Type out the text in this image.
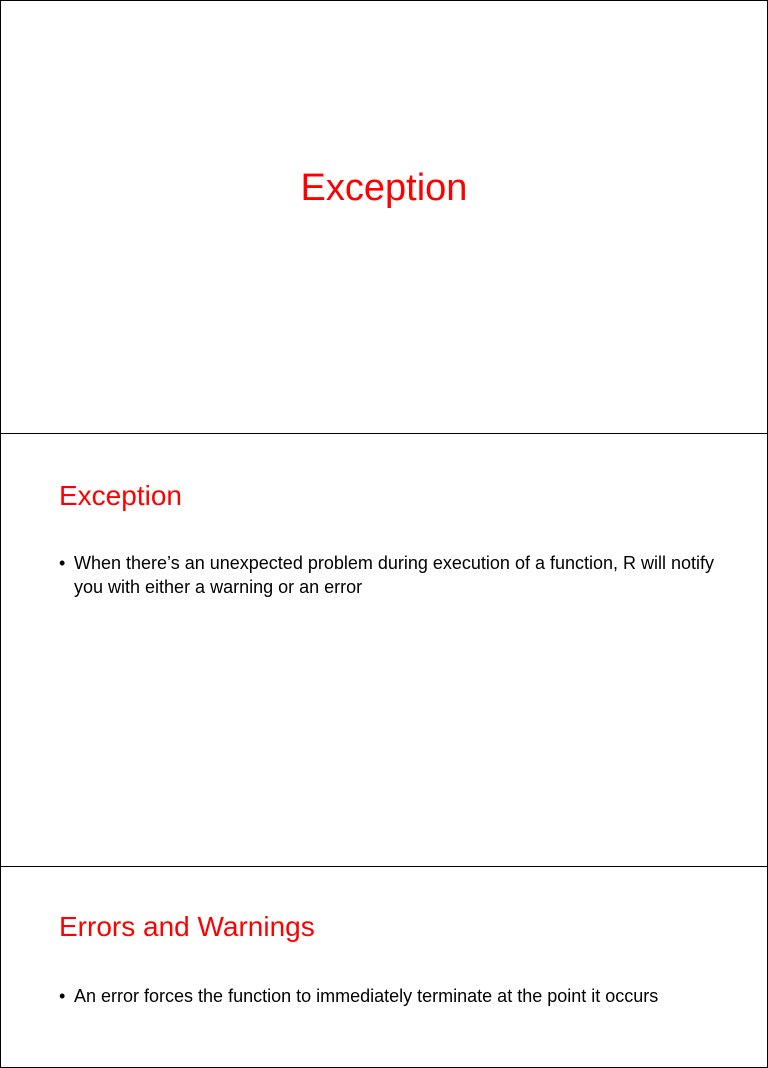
Exception
Exception
• When there’s an unexpected problem during execution of a function, R will notify you with either a warning or an error
Errors and Warnings
• An error forces the function to immediately terminate at the point it occurs
